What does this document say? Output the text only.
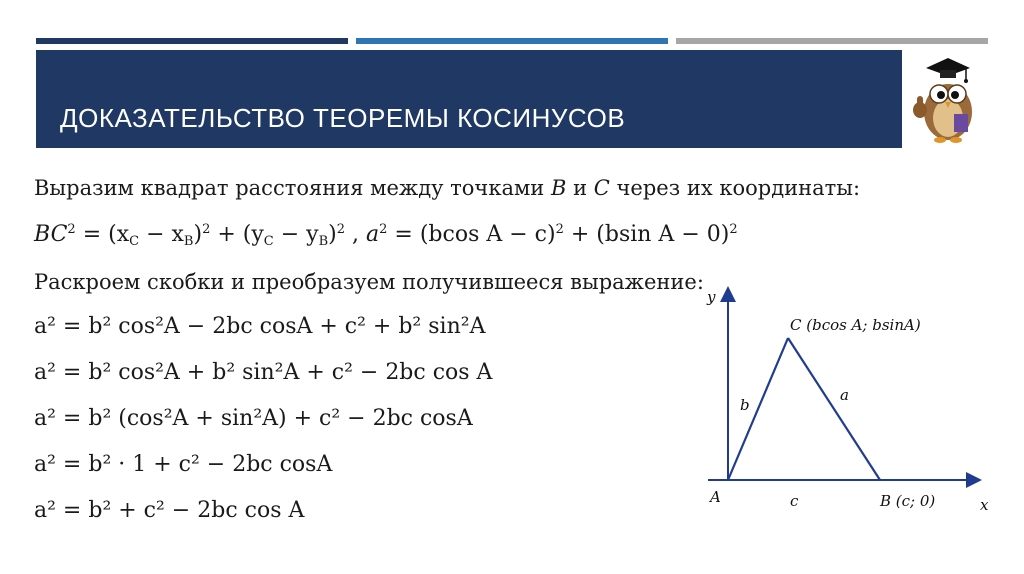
ДОКАЗАТЕЛЬСТВО ТЕОРЕМЫ КОСИНУСОВ
Выразим квадрат расстояния между точками B и C через их координаты:
$BC^2 = (x_C - x_B)^2 + (y_C - y_B)^2$ , $a^2 = (bcos$ A − c)$^2$ + (bsin A − 0)$^2$
Раскроем скобки и преобразуем получившееся выражение:
a² = b² cos²A − 2bc cosA + c² + b² sin²A
a² = b² cos²A + b² sin²A + c² − 2bc cos A
a² = b² (cos²A + sin²A) + c² − 2bc cosA
a² = b² · 1 + c² − 2bc cosA
a² = b² + c² − 2bc cos A
y
x
A	B (c; 0)
C (bcos A; bsinA)
a
b
c
